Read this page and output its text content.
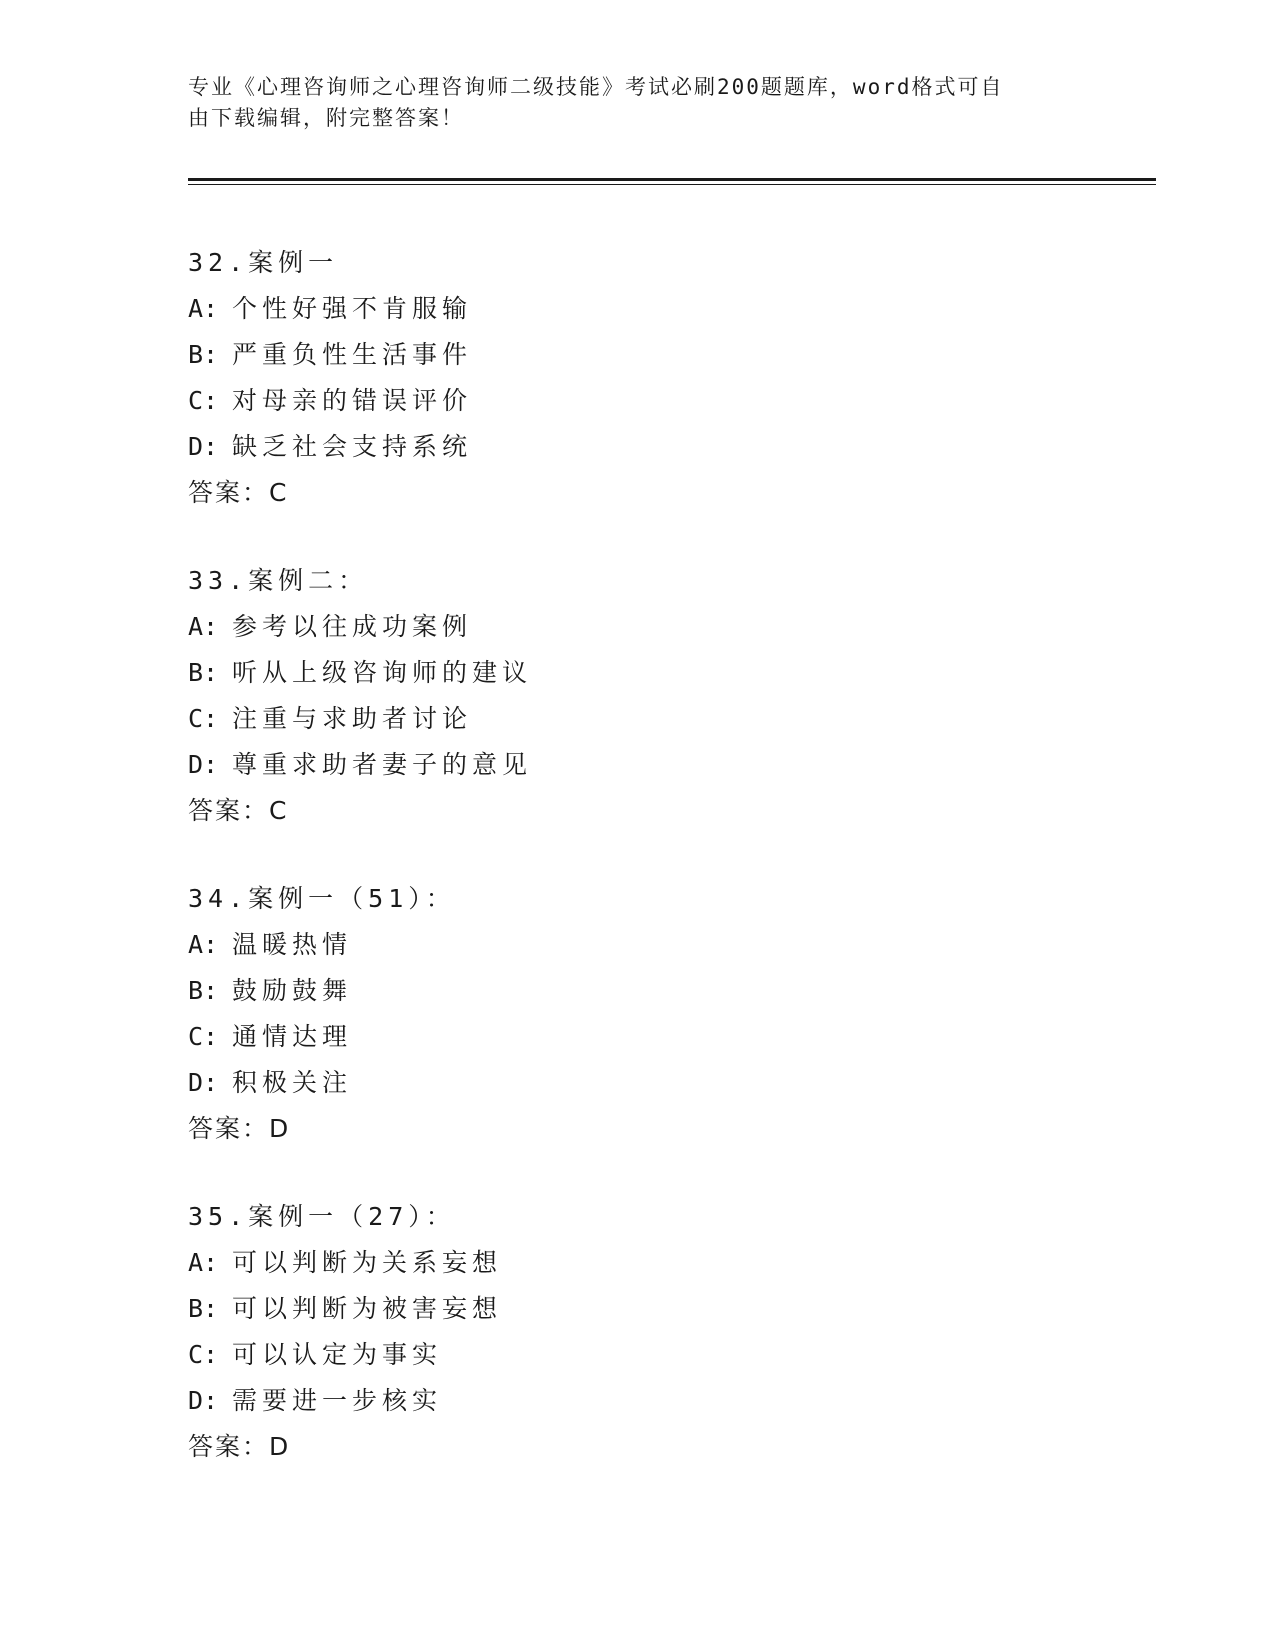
专业《心理咨询师之心理咨询师二级技能》考试必刷200题题库，word格式可自
由下载编辑，附完整答案！
32.案例一
A: 个性好强不肯服输
B: 严重负性生活事件
C: 对母亲的错误评价
D: 缺乏社会支持系统
答案：C
33.案例二：
A: 参考以往成功案例
B: 听从上级咨询师的建议
C: 注重与求助者讨论
D: 尊重求助者妻子的意见
答案：C
34.案例一（51）：
A: 温暖热情
B: 鼓励鼓舞
C: 通情达理
D: 积极关注
答案：D
35.案例一（27）：
A: 可以判断为关系妄想
B: 可以判断为被害妄想
C: 可以认定为事实
D: 需要进一步核实
答案：D
